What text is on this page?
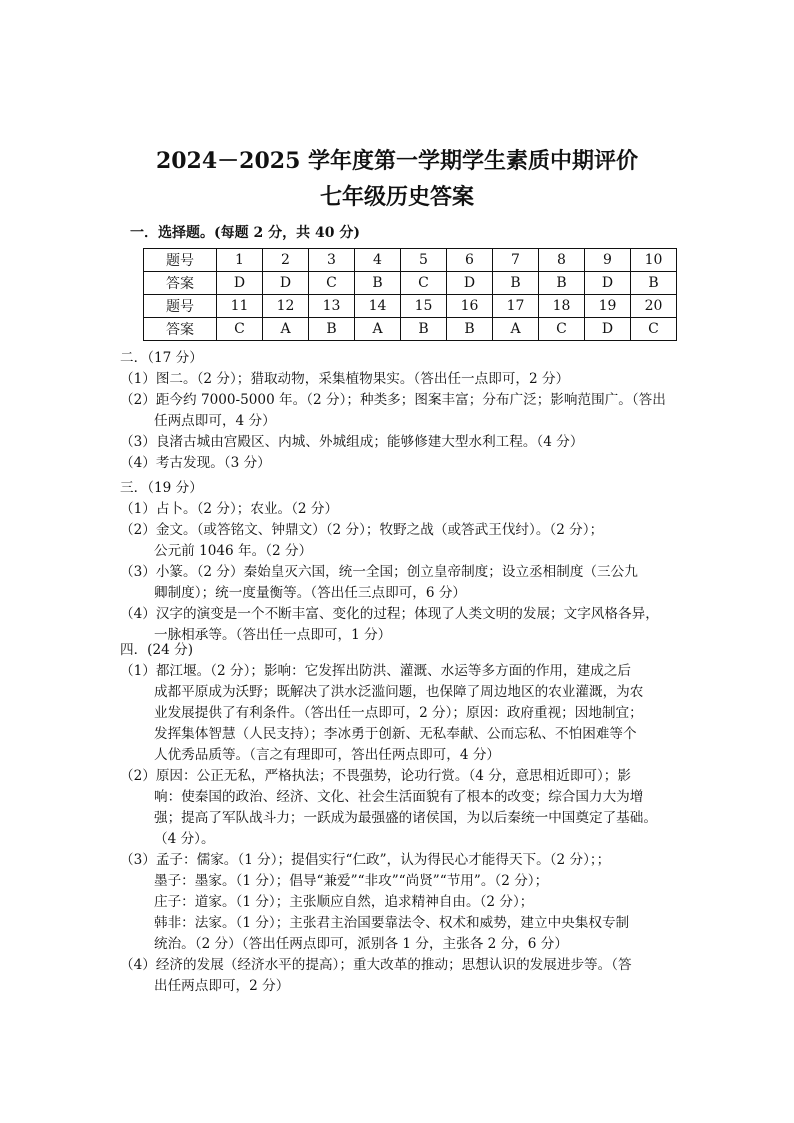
2024－2025 学年度第一学期学生素质中期评价
七年级历史答案
一．选择题。(每题 2 分，共 40 分)
题号	1	2	3	4	5	6	7	8	9	10
答案	D	D	C	B	C	D	B	B	D	B
题号	11	12	13	14	15	16	17	18	19	20
答案	C	A	B	A	B	B	A	C	D	C
二．（17 分）
（1）图二。（2 分）；猎取动物，采集植物果实。（答出任一点即可，2 分）
（2）距今约 7000-5000 年。（2 分）；种类多；图案丰富；分布广泛；影响范围广。（答出
任两点即可，4 分）
（3）良渚古城由宫殿区、内城、外城组成；能够修建大型水利工程。（4 分）
（4）考古发现。（3 分）
三．（19 分）
（1）占卜。（2 分）；农业。（2 分）
（2）金文。（或答铭文、钟鼎文）（2 分）；牧野之战（或答武王伐纣）。（2 分）；
公元前 1046 年。（2 分）
（3）小篆。（2 分）秦始皇灭六国，统一全国；创立皇帝制度；设立丞相制度（三公九
卿制度）；统一度量衡等。（答出任三点即可，6 分）
（4）汉字的演变是一个不断丰富、变化的过程；体现了人类文明的发展；文字风格各异，
一脉相承等。（答出任一点即可，1 分）
四．(24 分)
（1）都江堰。（2 分）；影响：它发挥出防洪、灌溉、水运等多方面的作用，建成之后
成都平原成为沃野；既解决了洪水泛滥问题，也保障了周边地区的农业灌溉，为农
业发展提供了有利条件。（答出任一点即可，2 分）；原因：政府重视；因地制宜；
发挥集体智慧（人民支持）；李冰勇于创新、无私奉献、公而忘私、不怕困难等个
人优秀品质等。（言之有理即可，答出任两点即可，4 分）
（2）原因：公正无私，严格执法；不畏强势，论功行赏。（4 分，意思相近即可）；影
响：使秦国的政治、经济、文化、社会生活面貌有了根本的改变；综合国力大为增
强；提高了军队战斗力；一跃成为最强盛的诸侯国，为以后秦统一中国奠定了基础。
（4 分）。
（3）孟子：儒家。（1 分）；提倡实行“仁政”，认为得民心才能得天下。（2 分）；；
墨子：墨家。（1 分）；倡导“兼爱”“非攻”“尚贤”“节用”。（2 分）；
庄子：道家。（1 分）；主张顺应自然，追求精神自由。（2 分）；
韩非：法家。（1 分）；主张君主治国要靠法令、权术和威势，建立中央集权专制
统治。（2 分）（答出任两点即可，派别各 1 分，主张各 2 分，6 分）
（4）经济的发展（经济水平的提高）；重大改革的推动；思想认识的发展进步等。（答
出任两点即可，2 分）
